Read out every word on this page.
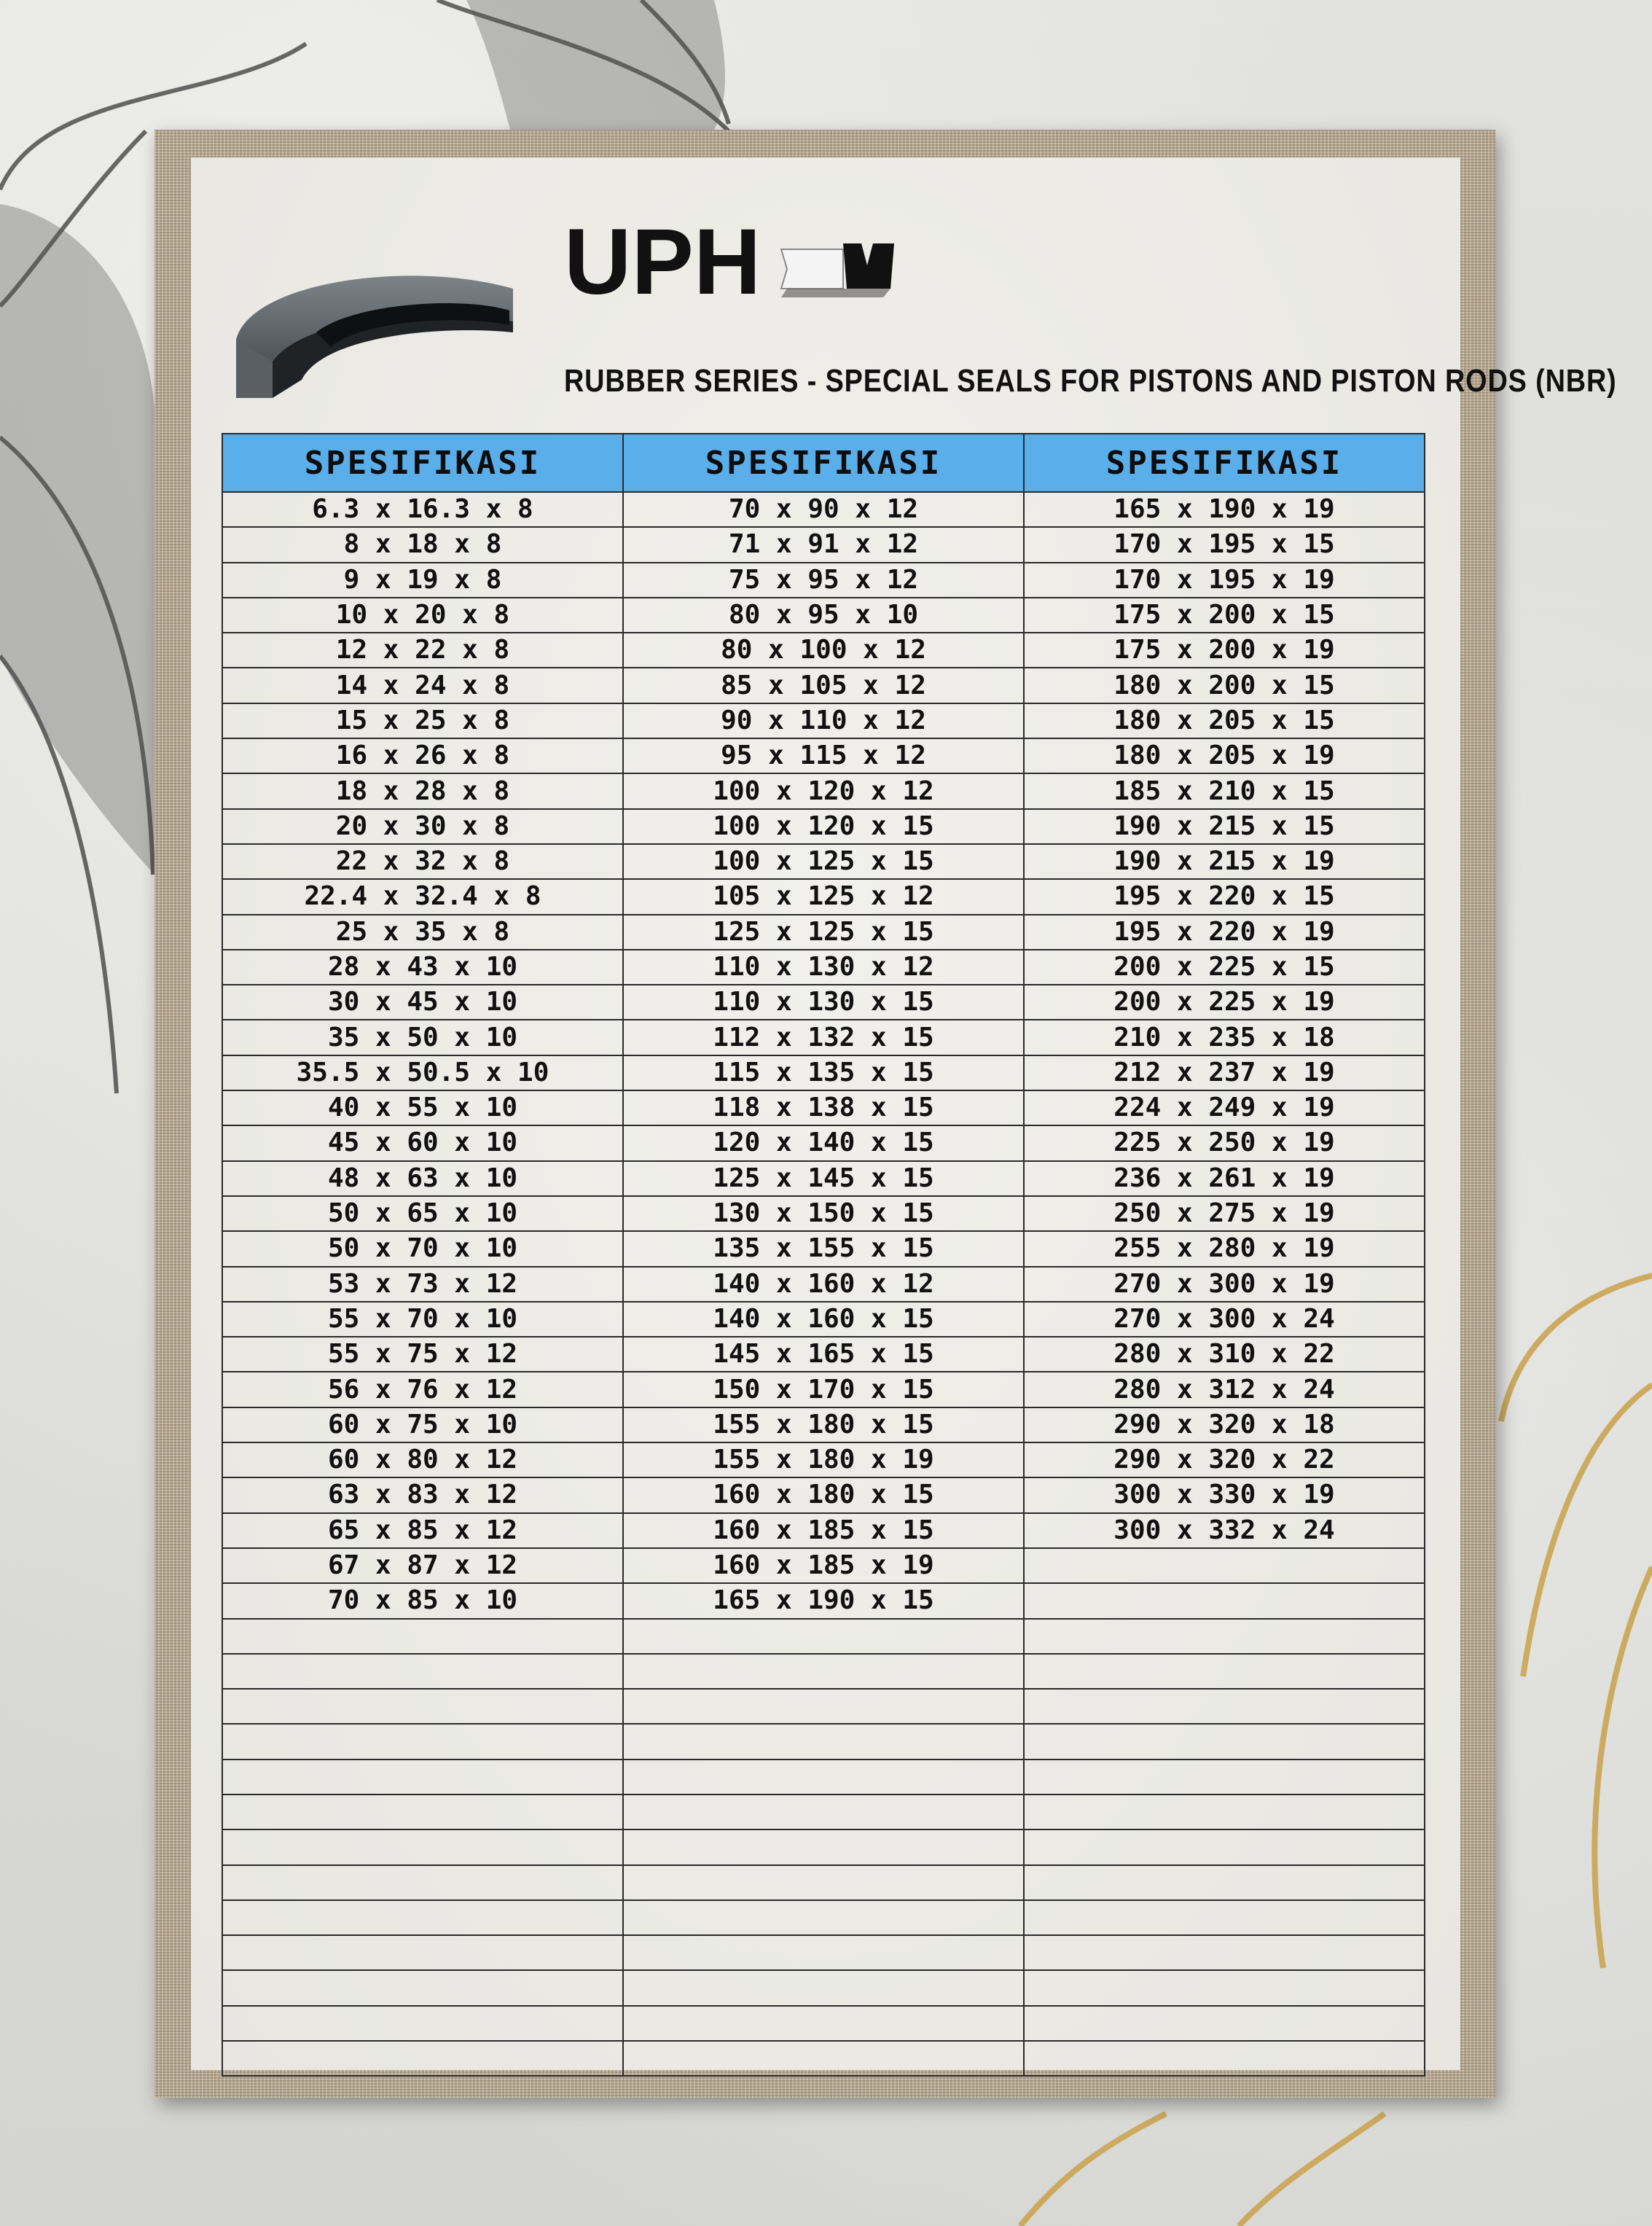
UPH
RUBBER SERIES - SPECIAL SEALS FOR PISTONS AND PISTON RODS (NBR)
SPESIFIKASI	SPESIFIKASI	SPESIFIKASI
6.3 x 16.3 x 8	70 x 90 x 12	165 x 190 x 19
8 x 18 x 8	71 x 91 x 12	170 x 195 x 15
9 x 19 x 8	75 x 95 x 12	170 x 195 x 19
10 x 20 x 8	80 x 95 x 10	175 x 200 x 15
12 x 22 x 8	80 x 100 x 12	175 x 200 x 19
14 x 24 x 8	85 x 105 x 12	180 x 200 x 15
15 x 25 x 8	90 x 110 x 12	180 x 205 x 15
16 x 26 x 8	95 x 115 x 12	180 x 205 x 19
18 x 28 x 8	100 x 120 x 12	185 x 210 x 15
20 x 30 x 8	100 x 120 x 15	190 x 215 x 15
22 x 32 x 8	100 x 125 x 15	190 x 215 x 19
22.4 x 32.4 x 8	105 x 125 x 12	195 x 220 x 15
25 x 35 x 8	125 x 125 x 15	195 x 220 x 19
28 x 43 x 10	110 x 130 x 12	200 x 225 x 15
30 x 45 x 10	110 x 130 x 15	200 x 225 x 19
35 x 50 x 10	112 x 132 x 15	210 x 235 x 18
35.5 x 50.5 x 10	115 x 135 x 15	212 x 237 x 19
40 x 55 x 10	118 x 138 x 15	224 x 249 x 19
45 x 60 x 10	120 x 140 x 15	225 x 250 x 19
48 x 63 x 10	125 x 145 x 15	236 x 261 x 19
50 x 65 x 10	130 x 150 x 15	250 x 275 x 19
50 x 70 x 10	135 x 155 x 15	255 x 280 x 19
53 x 73 x 12	140 x 160 x 12	270 x 300 x 19
55 x 70 x 10	140 x 160 x 15	270 x 300 x 24
55 x 75 x 12	145 x 165 x 15	280 x 310 x 22
56 x 76 x 12	150 x 170 x 15	280 x 312 x 24
60 x 75 x 10	155 x 180 x 15	290 x 320 x 18
60 x 80 x 12	155 x 180 x 19	290 x 320 x 22
63 x 83 x 12	160 x 180 x 15	300 x 330 x 19
65 x 85 x 12	160 x 185 x 15	300 x 332 x 24
67 x 87 x 12	160 x 185 x 19	
70 x 85 x 10	165 x 190 x 15	
